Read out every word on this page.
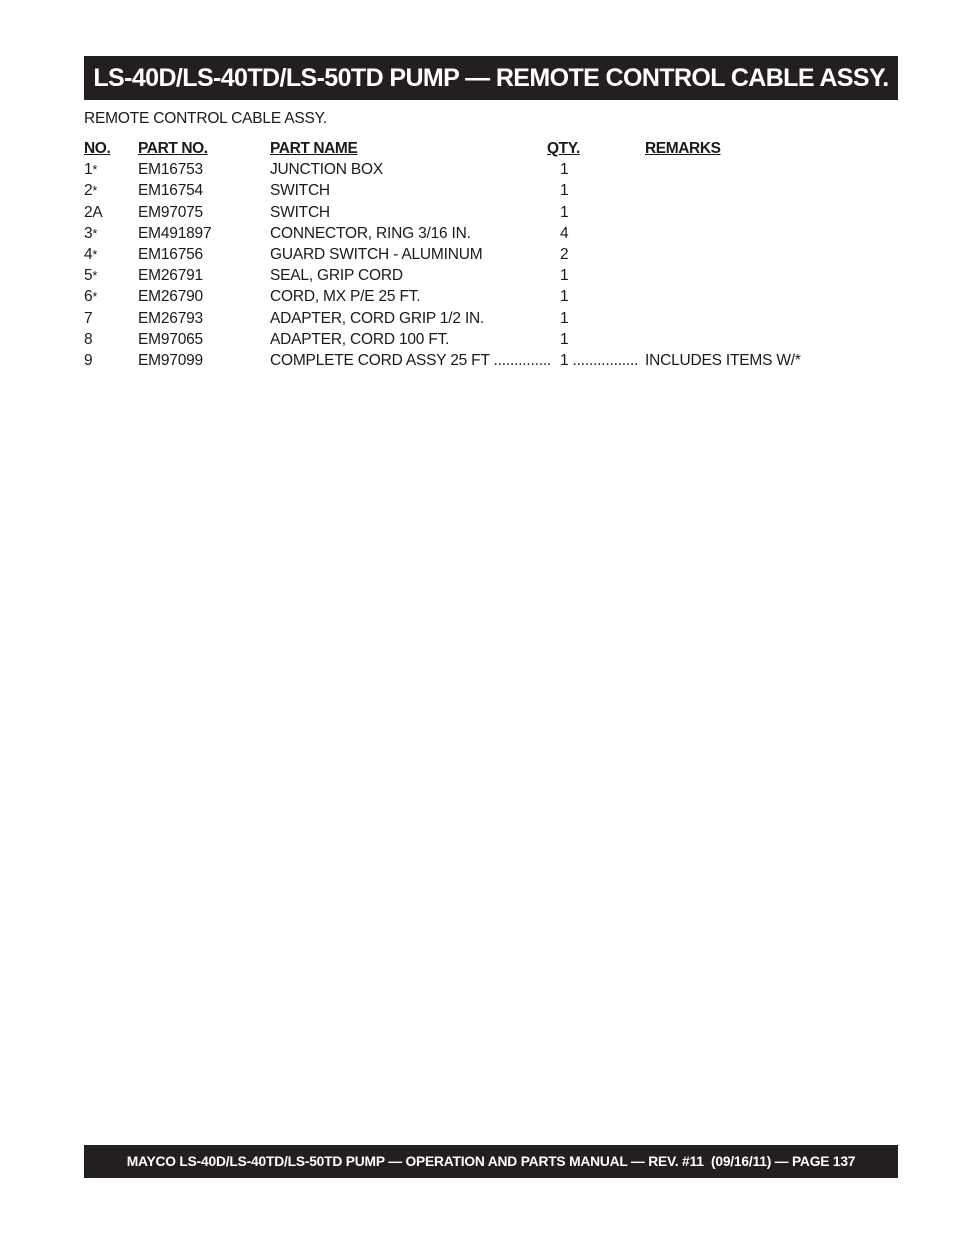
LS-40D/LS-40TD/LS-50TD PUMP — REMOTE CONTROL CABLE ASSY.
REMOTE CONTROL CABLE ASSY.
NO. PART NO.	PART NAME	QTY.	REMARKS
1*	EM16753	JUNCTION BOX	1
2*	EM16754	SWITCH	1
2A EM97075	SWITCH	1
3*	EM491897	CONNECTOR, RING 3/16 IN.	4
4*	EM16756	GUARD SWITCH - ALUMINUM	2
5*	EM26791	SEAL, GRIP CORD	1
6*	EM26790	CORD, MX P/E 25 FT.	1
7	EM26793	ADAPTER, CORD GRIP 1/2 IN.	1
8	EM97065	ADAPTER, CORD 100 FT.	1
9	EM97099	COMPLETE CORD ASSY 25 FT .............. 1 ................ INCLUDES ITEMS W/*
MAYCO LS-40D/LS-40TD/LS-50TD PUMP — OPERATION AND PARTS MANUAL — REV. #11  (09/16/11) — PAGE 137
